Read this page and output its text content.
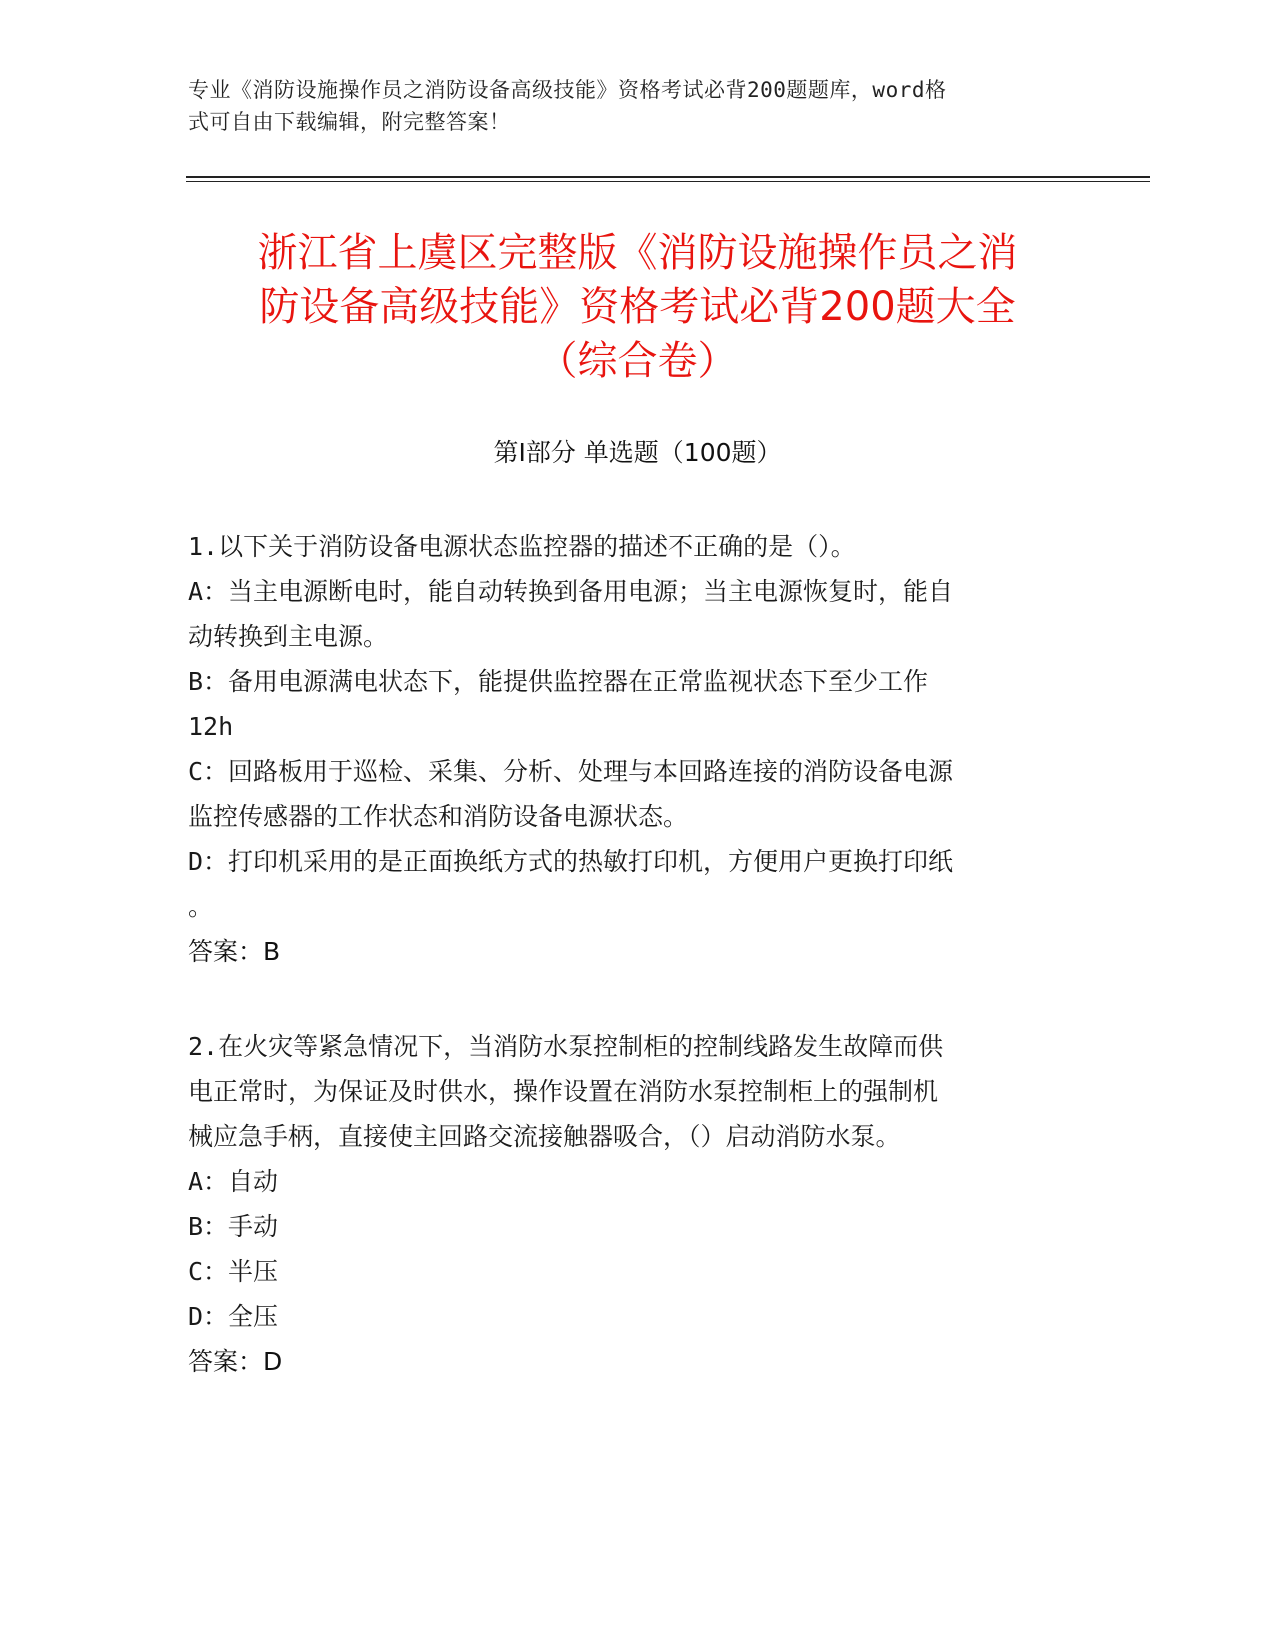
专业《消防设施操作员之消防设备高级技能》资格考试必背200题题库，word格
式可自由下载编辑，附完整答案！
浙江省上虞区完整版《消防设施操作员之消
防设备高级技能》资格考试必背200题大全
（综合卷）
第Ⅰ部分 单选题（100题）
1.以下关于消防设备电源状态监控器的描述不正确的是（）。
A：当主电源断电时，能自动转换到备用电源；当主电源恢复时，能自
动转换到主电源。
B：备用电源满电状态下，能提供监控器在正常监视状态下至少工作
12h
C：回路板用于巡检、采集、分析、处理与本回路连接的消防设备电源
监控传感器的工作状态和消防设备电源状态。
D：打印机采用的是正面换纸方式的热敏打印机，方便用户更换打印纸
。
答案：B
2.在火灾等紧急情况下，当消防水泵控制柜的控制线路发生故障而供
电正常时，为保证及时供水，操作设置在消防水泵控制柜上的强制机
械应急手柄，直接使主回路交流接触器吸合，（）启动消防水泵。
A：自动
B：手动
C：半压
D：全压
答案：D
